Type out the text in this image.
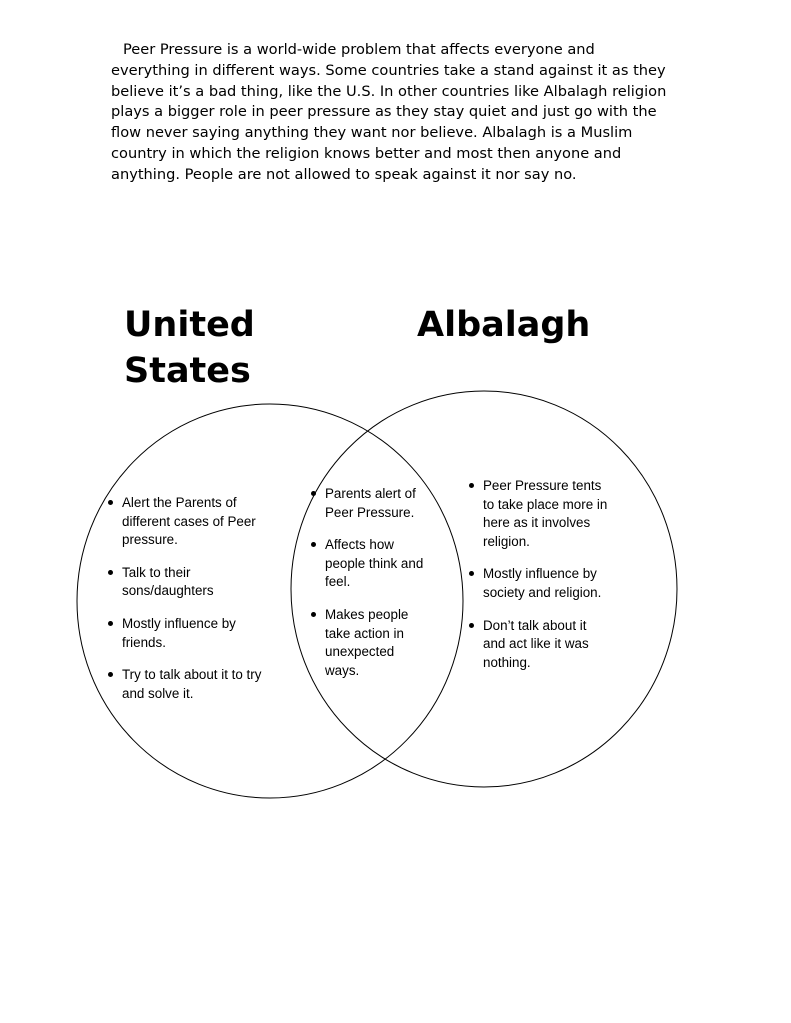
Peer Pressure is a world-wide problem that affects everyone and everything in different ways. Some countries take a stand against it as they believe it’s a bad thing, like the U.S. In other countries like Albalagh religion plays a bigger role in peer pressure as they stay quiet and just go with the flow never saying anything they want nor believe. Albalagh is a Muslim country in which the religion knows better and most then anyone and anything. People are not allowed to speak against it nor say no.

United States
Albalagh
Alert the Parents of different cases of Peer pressure.
Talk to their sons/daughters
Mostly influence by friends.
Try to talk about it to try and solve it.
Parents alert of Peer Pressure.
Affects how people think and feel.
Makes people take action in unexpected ways.
Peer Pressure tents to take place more in here as it involves religion.
Mostly influence by society and religion.
Don’t talk about it and act like it was nothing.
